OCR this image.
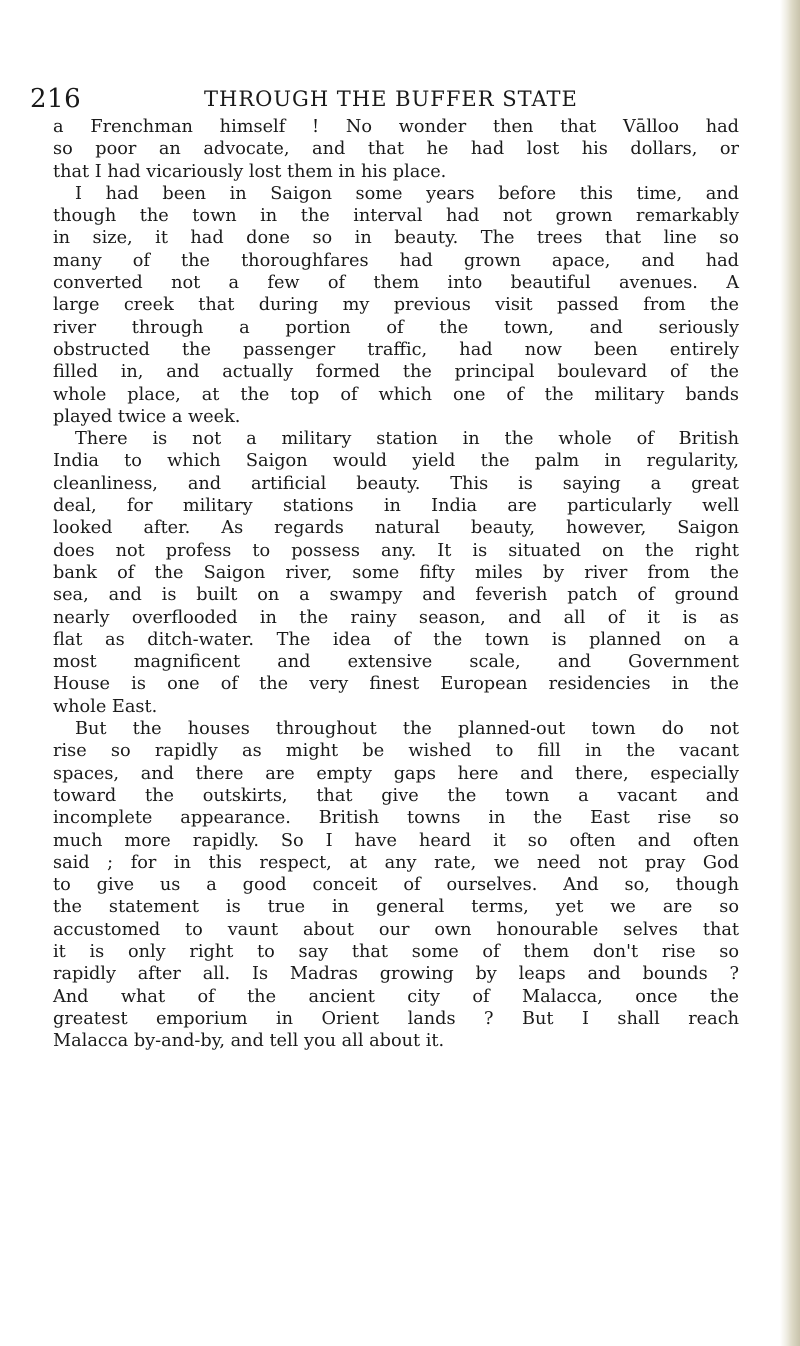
216	THROUGH THE BUFFER STATE
a Frenchman himself ! No wonder then that Vālloo had
so poor an advocate, and that he had lost his dollars, or
that I had vicariously lost them in his place.
I had been in Saigon some years before this time, and
though the town in the interval had not grown remarkably
in size, it had done so in beauty. The trees that line so
many of the thoroughfares had grown apace, and had
converted not a few of them into beautiful avenues. A
large creek that during my previous visit passed from the
river through a portion of the town, and seriously
obstructed the passenger traffic, had now been entirely
filled in, and actually formed the principal boulevard of the
whole place, at the top of which one of the military bands
played twice a week.
There is not a military station in the whole of British
India to which Saigon would yield the palm in regularity,
cleanliness, and artificial beauty. This is saying a great
deal, for military stations in India are particularly well
looked after. As regards natural beauty, however, Saigon
does not profess to possess any. It is situated on the right
bank of the Saigon river, some fifty miles by river from the
sea, and is built on a swampy and feverish patch of ground
nearly overflooded in the rainy season, and all of it is as
flat as ditch-water. The idea of the town is planned on a
most magnificent and extensive scale, and Government
House is one of the very finest European residencies in the
whole East.
But the houses throughout the planned-out town do not
rise so rapidly as might be wished to fill in the vacant
spaces, and there are empty gaps here and there, especially
toward the outskirts, that give the town a vacant and
incomplete appearance. British towns in the East rise so
much more rapidly. So I have heard it so often and often
said ; for in this respect, at any rate, we need not pray God
to give us a good conceit of ourselves. And so, though
the statement is true in general terms, yet we are so
accustomed to vaunt about our own honourable selves that
it is only right to say that some of them don't rise so
rapidly after all. Is Madras growing by leaps and bounds ?
And what of the ancient city of Malacca, once the
greatest emporium in Orient lands ? But I shall reach
Malacca by-and-by, and tell you all about it.
